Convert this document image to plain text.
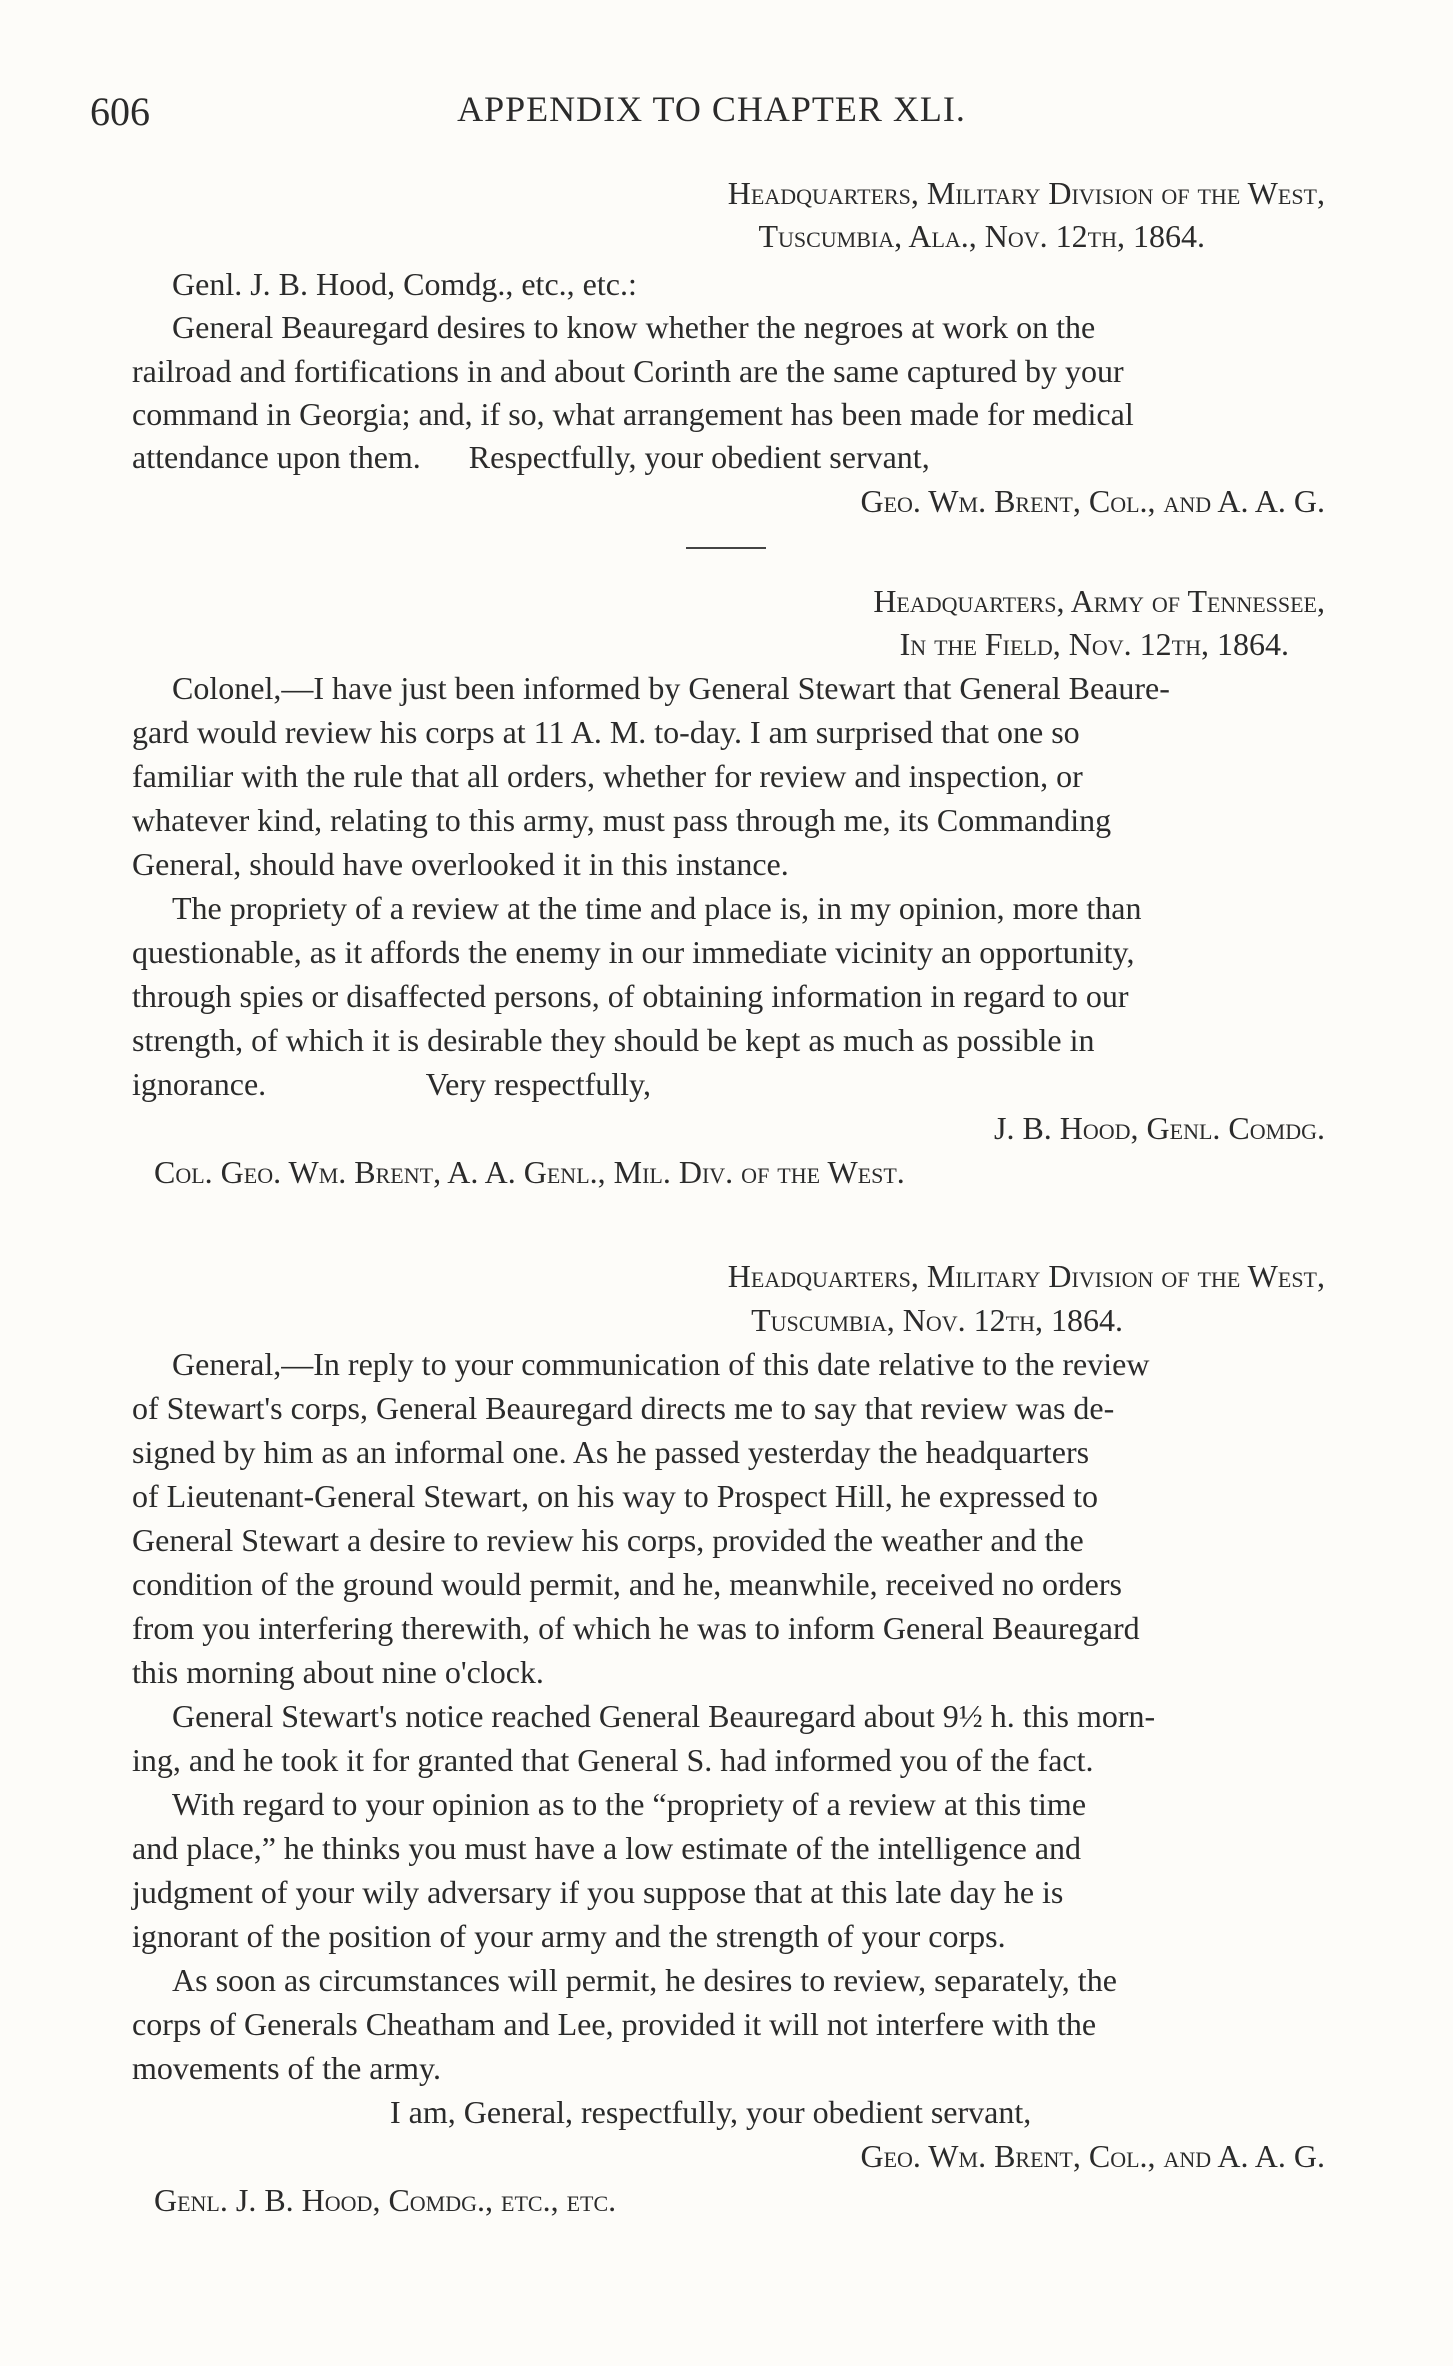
606	APPENDIX TO CHAPTER XLI.
Headquarters, Military Division of the West,
Tuscumbia, Ala., Nov. 12th, 1864.
Genl. J. B. Hood, Comdg., etc., etc.:
General Beauregard desires to know whether the negroes at work on the
railroad and fortifications in and about Corinth are the same captured by your
command in Georgia; and, if so, what arrangement has been made for medical
attendance upon them.      Respectfully, your obedient servant,
Geo. Wm. Brent, Col., and A. A. G.
Headquarters, Army of Tennessee,
In the Field, Nov. 12th, 1864.
Colonel,—I have just been informed by General Stewart that General Beaure-
gard would review his corps at 11 A. M. to-day. I am surprised that one so
familiar with the rule that all orders, whether for review and inspection, or
whatever kind, relating to this army, must pass through me, its Commanding
General, should have overlooked it in this instance.
The propriety of a review at the time and place is, in my opinion, more than
questionable, as it affords the enemy in our immediate vicinity an opportunity,
through spies or disaffected persons, of obtaining information in regard to our
strength, of which it is desirable they should be kept as much as possible in
ignorance.                    Very respectfully,
J. B. Hood, Genl. Comdg.
Col. Geo. Wm. Brent, A. A. Genl., Mil. Div. of the West.
Headquarters, Military Division of the West,
Tuscumbia, Nov. 12th, 1864.
General,—In reply to your communication of this date relative to the review
of Stewart's corps, General Beauregard directs me to say that review was de-
signed by him as an informal one. As he passed yesterday the headquarters
of Lieutenant-General Stewart, on his way to Prospect Hill, he expressed to
General Stewart a desire to review his corps, provided the weather and the
condition of the ground would permit, and he, meanwhile, received no orders
from you interfering therewith, of which he was to inform General Beauregard
this morning about nine o'clock.
General Stewart's notice reached General Beauregard about 9½ h. this morn-
ing, and he took it for granted that General S. had informed you of the fact.
With regard to your opinion as to the “propriety of a review at this time
and place,” he thinks you must have a low estimate of the intelligence and
judgment of your wily adversary if you suppose that at this late day he is
ignorant of the position of your army and the strength of your corps.
As soon as circumstances will permit, he desires to review, separately, the
corps of Generals Cheatham and Lee, provided it will not interfere with the
movements of the army.
I am, General, respectfully, your obedient servant,
Geo. Wm. Brent, Col., and A. A. G.
Genl. J. B. Hood, Comdg., etc., etc.
